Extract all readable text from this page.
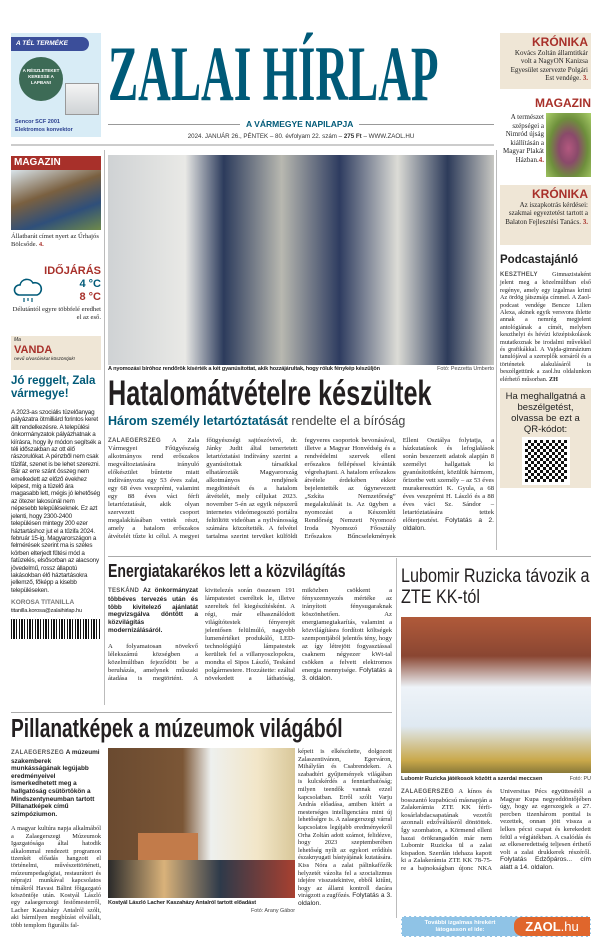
A TÉL TERMÉKE
A RÉSZLETEKET KERESSE A LAPBAN!
Sencor SCF 2001
Elektromos konvektor
ZALAI HÍRLAP
A VÁRMEGYE NAPILAPJA
2024. JANUÁR 26., PÉNTEK – 80. évfolyam 22. szám – 275 Ft – WWW.ZAOL.HU
KRÓNIKA
Kovács Zoltán államtitkár volt a NagyON Kanizsa Egyesület szervezte Polgári Est vendége. 3.
MAGAZIN
A természet szépségei a Nimród újság kiállításán a Magyar Plakát Házban.4.
KRÓNIKA
Az iszapkotrás kérdései: szakmai egyeztetést tartott a Balaton Fejlesztési Tanács. 3.
MAGAZIN
Állatbarát címet nyert az Űrhajós Bölcsőde. 4.
IDŐJÁRÁS
4 °C
8 °C
Délutántól egyre többfelé eredhet el az eső.
Ma
VANDA
nevű olvasóinkat köszöntjük!
Jó reggelt, Zala vármegye!
A 2023-as szociális tüzelőanyag pályázatra ötmilliárd forintos keret állt rendelkezésre. A települési önkormányzatok pályázhatnak a kiírásra, hogy ily módon segítsék a téli időszakban az ott élő rászorulókat. A pénzből nem csak tűzifát, szenet is be lehet szerezni. Bár az erre szánt összeg nem emelkedett az előző évekhez képest, míg a tüzelő ára magasabb lett, mégis jó lehetőség az ötezer lakosúnál nem népesebb településeknek. Ez azt jelenti, hogy 2300-2400 településen mintegy 200 ezer háztartáshoz jut el a tűzifa 2024. február 15-ig. Magyarországon a felmérések szerint ma is széles körben elterjedt fűtési mód a fatüzelés, elsősorban az alacsony jövedelmű, rossz állapotú lakásokban élő háztartásokra jellemző, főképp a kisebb településeken.
KOROSA TITANILLA
titanilla.korosa@zalaihirlap.hu
A nyomozási bíróhoz rendőrök kísérték a két gyanúsítottat, akik hozzájárultak, hogy róluk fénykép készüljön	Fotó: Pezzetta Umberto
Hatalomátvételre készültek
Három személy letartóztatását rendelte el a bíróság
ZALAEGERSZEG A Zala Vármegyei Főügyészség alkotmányos rend erőszakos megváltoztatására irányuló előkészület bűntette miatt indítványozta egy 53 éves zalai, egy 68 éves veszprémi, valamint egy 88 éves váci férfi letartóztatását, akik olyan szervezett csoport megalakításában vettek részt, amely a hatalom erőszakos átvételét tűzte ki célul. A megyei főügyészségi sajtószóvivő, dr. Jánky Judit által ismertetett letartóztatási indítvány szerint a gyanúsítottak társaikkal elhatározták Magyarország alkotmányos rendjének megdöntését és a hatalom átvételét, mely céljukat 2023. november 5-én az egyik népszerű internetes videómegosztó portálra feltöltött videóban a nyilvánosság számára közzétették. A felvétel tartalma szerint tervüket külföldi fegyveres csoportok bevonásával, illetve a Magyar Honvédség és a rendvédelmi szervek elleni erőszakos fellépéssel kívánták végrehajtani. A hatalom erőszakos átvétele érdekében ekkor bejelentették az úgynevezett „Szkíta Nemzetőrség” megalakulását is. Az ügyben a nyomozást a Készenléti Rendőrség Nemzeti Nyomozó Iroda Nyomozó Főosztály Erőszakos Bűncselekmények Elleni Osztálya folytatja, a házkutatások és lefoglalások során beszerzett adatok alapján 8 személyt hallgattak ki gyanúsítottként, közülük hármom, őrizetbe vett személy – az 53 éves murakeresztúri K. Gyula, a 68 éves veszprémi H. László és a 88 éves váci Sz. Sándor – letartóztatására tettek előterjesztést. Folytatás a 2. oldalon.
Podcastajánló
KESZTHELY Gimnazistaként jelent meg a közelmúltban első regénye, amely egy izgalmas krimi Az ördög játszmája címmel. A Zaol-podcast vendége Bencze Lilien Alexa, akinek egyik versvora ihlette annak a nemrég megjelent antológiának a címét, melyben keszthelyi és hévízi középiskolások mutatkoznak be irodalmi művekkel és grafikákkal. A Vajda-gimnázium tanulójával a szereplők sorsáról és a történetek alakulásáról is beszélgettünk a zaol.hu oldalunkon elérhető műsorban. ZH
Ha meghallgatná a beszélgetést, olvassa be ezt a QR-kódot:
Energiatakarékos lett a közvilágítás
TESKÁND Az önkormányzat többéves tervezés után és több kivitelező ajánlatát megvizsgálva döntött a közvilágítás modernizálásáról.
A folyamatosan növekvő lélekszámú községben a közelmúltban fejeződött be a beruházás, amelynek műszaki átadása is megtörtént. A kivitelezés során összesen 191 lámpatestet cseréltek le, illetve szereltek fel kiegészítésként. A régi, már elhasználódott világítótestek fényerejét jelentősen felülmúló, nagyobb lumenértéket produkáló, LED-technológiájú lámpatestek kerültek fel a villanyoszlopokra, mondta el Sipos László, Teskánd polgármestere. Hozzátette: ezáltal növekedett a láthatóság, miközben csökkent a fényszennyezés mértéke az irányított fénysugaraknak köszönhetően. Az energiamegtakarítás, valamint a közvilágításra fordított költségek szempontjából jelentős tény, hogy az így létrejött fogyasztással csaknem négyezer kWt-tal csökken a felvett elektromos energia mennyisége. Folytatás a 3. oldalon.
Lubomir Ruzicka távozik a ZTE KK-tól
Lubomir Ruzicka játékosok között a szerdai meccsen	Fotó: PU
ZALAEGERSZEG A kínos és bosszantó kupabúcsú másnapján a Zalakerámia ZTE KK férfi-kosárlabdacsapatának vezetői azonnali edzőváltásról döntöttek. Így szombaton, a Körmend elleni hazai örökrangadón már nem Lubomir Ruzicka ül a zalai kispadon. Szerdán idehaza kapott ki a Zalakerámia ZTE KK 78-75-re a bajnokságban újonc NKA Universitas Pécs együttesétől a Magyar Kupa negyeddöntőjében úgy, hogy az egerszegiek a 27. percben tizenhárom ponttal is vezettek, onnan jött vissza a lelkes pécsi csapat és kerekedett felül a végjátékban. A csalódás és az elkeseredettség teljesen érthető volt a zalai drukkerek részéről. Folytatás Edzőpáros... cím alatt a 14. oldalon.
További izgalmas hírekért látogasson el ide:	ZAOL.hu
Pillanatképek a múzeumok világából
ZALAEGERSZEG A múzeumi szakemberek munkásságának legújabb eredményeivel ismerkedhetett meg a hallgatóság csütörtökön a Mindszentyneumban tartott Pillanatképek című szimpóziumon.
A magyar kultúra napja alkalmából a Zalaegerszegi Múzeumok Igazgatósága által hatodik alkalommal rendezett programon tizenkét előadás hangzott el történelmi, művészettörténeti, múzeumpedagógiai, restaurátori és néprajzi munkával kapcsolatos témákról Havasi Bálint főigazgató köszöntője után. Kostyál László egy zalaegerszegi festőmesterről, Lacher Kaszaházy Antalról szólt, aki bármilyen megbízást elvállalt, több templom figurális fal-
Kostyál László Lacher Kaszaházy Antalról tartott előadást
Fotó: Arany Gábor
képeit is elkészítette, dolgozott Zalaszentivánon, Egerváron, Mihályfán és Csabrendeken. A szabadtéri gyűjtemények világában is kulcskérdés a fenntarthatóság; milyen teendők vannak ezzel kapcsolatban. Erről szólt Varju András előadása, amiben kitért a mesterséges intelligenciára mint új lehetőségre is. A zalaegerszegi várral kapcsolatos legújabb eredményekről Orha Zoltán adott számot, felidézve, hogy 2023 szeptemberében lehetőség nyílt az egykori erődítés északnyugati bástyájának kutatására. Kiss Nóra a zalai pálinkafőzők helyzetét vázolta fel a szocializmus idejére visszatekintve, ebből kitűnt, hogy az állami kontroll dacára virágzott a zugfőzés. Folytatás a 3. oldalon.
